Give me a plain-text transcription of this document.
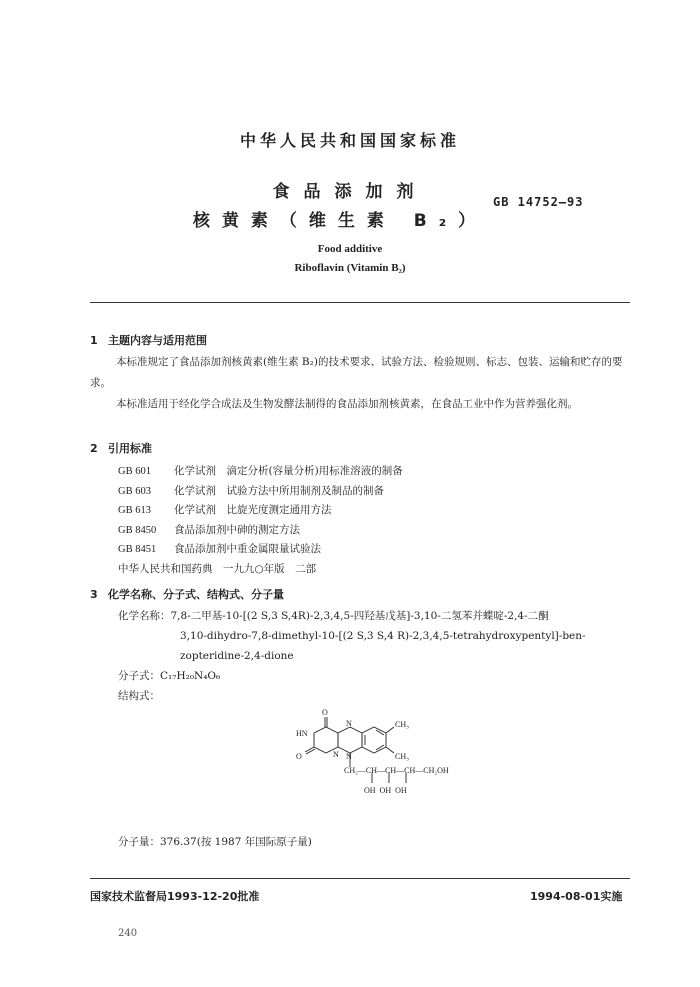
中华人民共和国国家标准
食品添加剂
核黄素（维生素 B₂）
GB 14752—93
Food additive
Riboflavin (Vitamin B₂)
1 主题内容与适用范围
本标准规定了食品添加剂核黄素(维生素 B₂)的技术要求、试验方法、检验规则、标志、包装、运输和贮存的要求。
本标准适用于经化学合成法及生物发酵法制得的食品添加剂核黄素，在食品工业中作为营养强化剂。
2 引用标准
GB 601 化学试剂　滴定分析(容量分析)用标准溶液的制备
GB 603 化学试剂　试验方法中所用制剂及制品的制备
GB 613 化学试剂　比旋光度测定通用方法
GB 8450 食品添加剂中砷的测定方法
GB 8451 食品添加剂中重金属限量试验法
中华人民共和国药典　一九九○年版　二部
3 化学名称、分子式、结构式、分子量
化学名称：7,8-二甲基-10-[(2 S,3 S,4R)-2,3,4,5-四羟基戊基]-3,10-二氢苯并蝶啶-2,4-二酮
3,10-dihydro-7,8-dimethyl-10-[(2 S,3 S,4 R)-2,3,4,5-tetrahydroxypentyl]-ben-
zopteridine-2,4-dione
分子式：C₁₇H₂₀N₄O₆
结构式：
O
HN
N	CH₃
O	N N	CH₃
CH₂—CH—CH—CH—CH₂OH
OH  OH  OH
分子量：376.37(按 1987 年国际原子量)
国家技术监督局1993-12-20批准	1994-08-01实施
240
